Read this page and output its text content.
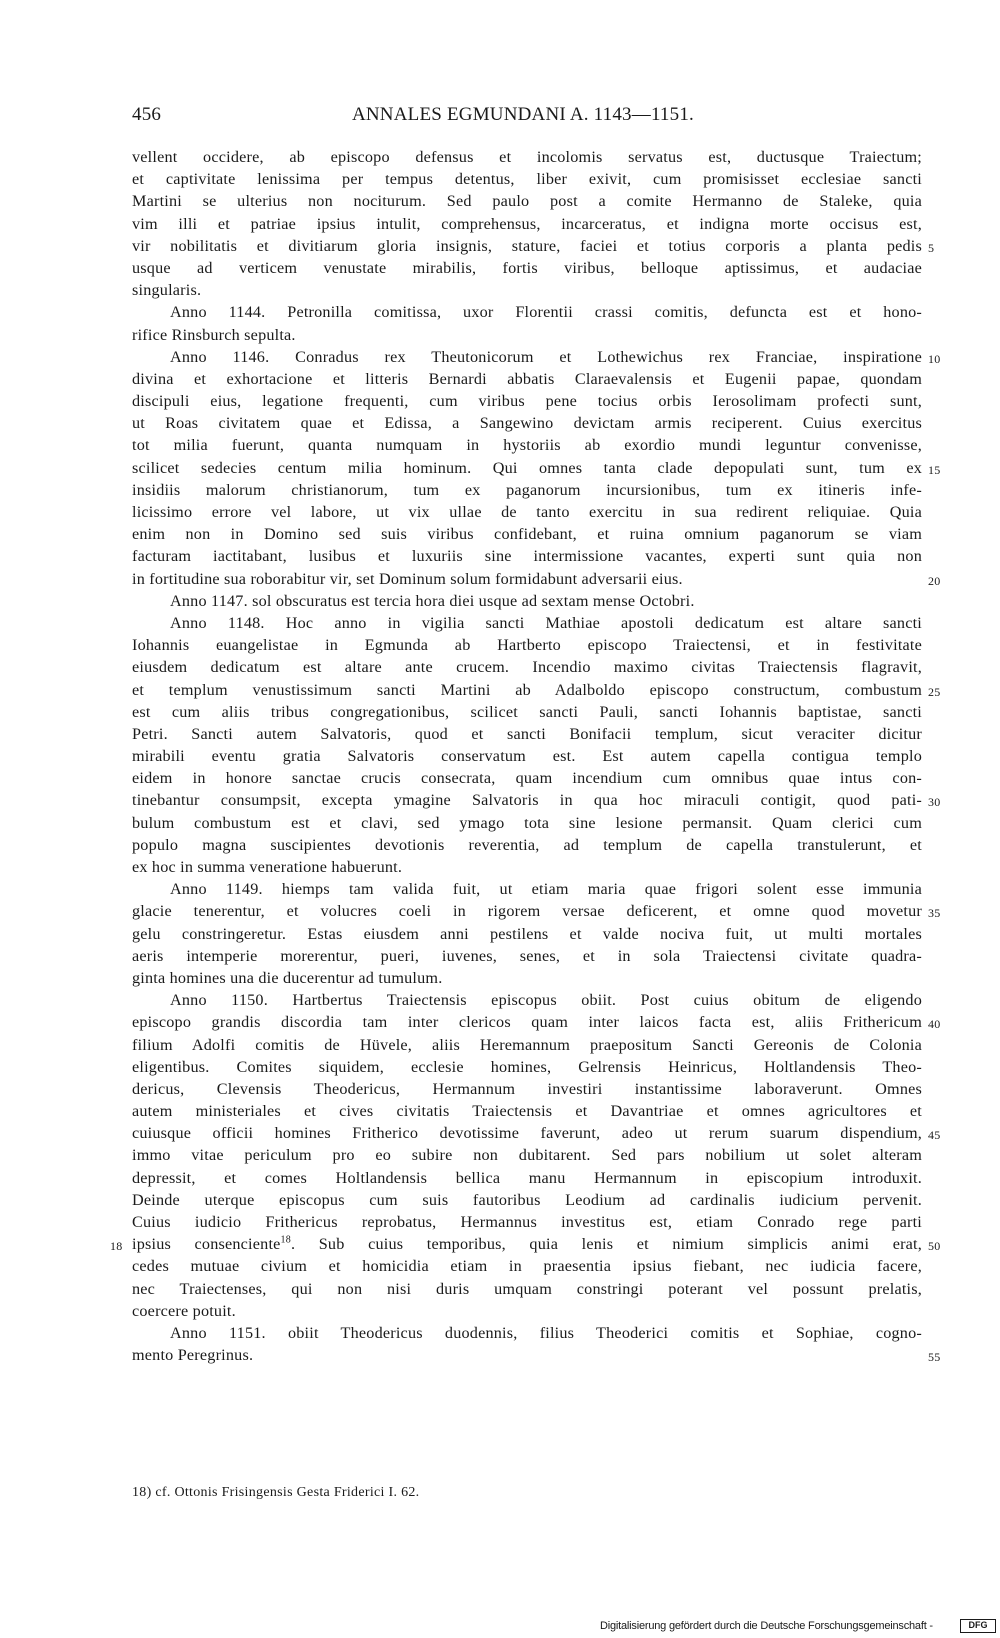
456	ANNALES EGMUNDANI A. 1143—1151.
vellent occidere, ab episcopo defensus et incolomis servatus est, ductusque Traiectum;
et captivitate lenissima per tempus detentus, liber exivit, cum promisisset ecclesiae sancti
Martini se ulterius non nociturum. Sed paulo post a comite Hermanno de Staleke, quia
vim illi et patriae ipsius intulit, comprehensus, incarceratus, et indigna morte occisus est,
vir nobilitatis et divitiarum gloria insignis, stature, faciei et totius corporis a planta pedis 5
usque ad verticem venustate mirabilis, fortis viribus, belloque aptissimus, et audaciae
singularis.
Anno 1144. Petronilla comitissa, uxor Florentii crassi comitis, defuncta est et hono-
rifice Rinsburch sepulta.
Anno 1146. Conradus rex Theutonicorum et Lothewichus rex Franciae, inspiratione 10
divina et exhortacione et litteris Bernardi abbatis Claraevalensis et Eugenii papae, quondam
discipuli eius, legatione frequenti, cum viribus pene tocius orbis Ierosolimam profecti sunt,
ut Roas civitatem quae et Edissa, a Sangewino devictam armis reciperent. Cuius exercitus
tot milia fuerunt, quanta numquam in hystoriis ab exordio mundi leguntur convenisse,
scilicet sedecies centum milia hominum. Qui omnes tanta clade depopulati sunt, tum ex 15
insidiis malorum christianorum, tum ex paganorum incursionibus, tum ex itineris infe-
licissimo errore vel labore, ut vix ullae de tanto exercitu in sua redirent reliquiae. Quia
enim non in Domino sed suis viribus confidebant, et ruina omnium paganorum se viam
facturam iactitabant, lusibus et luxuriis sine intermissione vacantes, experti sunt quia non
in fortitudine sua roborabitur vir, set Dominum solum formidabunt adversarii eius.	20
Anno 1147. sol obscuratus est tercia hora diei usque ad sextam mense Octobri.
Anno 1148. Hoc anno in vigilia sancti Mathiae apostoli dedicatum est altare sancti
Iohannis euangelistae in Egmunda ab Hartberto episcopo Traiectensi, et in festivitate
eiusdem dedicatum est altare ante crucem. Incendio maximo civitas Traiectensis flagravit,
et templum venustissimum sancti Martini ab Adalboldo episcopo constructum, combustum 25
est cum aliis tribus congregationibus, scilicet sancti Pauli, sancti Iohannis baptistae, sancti
Petri. Sancti autem Salvatoris, quod et sancti Bonifacii templum, sicut veraciter dicitur
mirabili eventu gratia Salvatoris conservatum est. Est autem capella contigua templo
eidem in honore sanctae crucis consecrata, quam incendium cum omnibus quae intus con-
tinebantur consumpsit, excepta ymagine Salvatoris in qua hoc miraculi contigit, quod pati- 30
bulum combustum est et clavi, sed ymago tota sine lesione permansit. Quam clerici cum
populo magna suscipientes devotionis reverentia, ad templum de capella transtulerunt, et
ex hoc in summa veneratione habuerunt.
Anno 1149. hiemps tam valida fuit, ut etiam maria quae frigori solent esse immunia
glacie tenerentur, et volucres coeli in rigorem versae deficerent, et omne quod movetur 35
gelu constringeretur. Estas eiusdem anni pestilens et valde nociva fuit, ut multi mortales
aeris intemperie morerentur, pueri, iuvenes, senes, et in sola Traiectensi civitate quadra-
ginta homines una die ducerentur ad tumulum.
Anno 1150. Hartbertus Traiectensis episcopus obiit. Post cuius obitum de eligendo
episcopo grandis discordia tam inter clericos quam inter laicos facta est, aliis Frithericum 40
filium Adolfi comitis de Hüvele, aliis Heremannum praepositum Sancti Gereonis de Colonia
eligentibus. Comites siquidem, ecclesie homines, Gelrensis Heinricus, Holtlandensis Theo-
dericus, Clevensis Theodericus, Hermannum investiri instantissime laboraverunt. Omnes
autem ministeriales et cives civitatis Traiectensis et Davantriae et omnes agricultores et
cuiusque officii homines Fritherico devotissime faverunt, adeo ut rerum suarum dispendium, 45
immo vitae periculum pro eo subire non dubitarent. Sed pars nobilium ut solet alteram
depressit, et comes Holtlandensis bellica manu Hermannum in episcopium introduxit.
Deinde uterque episcopus cum suis fautoribus Leodium ad cardinalis iudicium pervenit.
Cuius iudicio Frithericus reprobatus, Hermannus investitus est, etiam Conrado rege parti
ipsius consenciente$^{18}$. Sub cuius temporibus, quia lenis et nimium simplicis animi erat, 50
18
cedes mutuae civium et homicidia etiam in praesentia ipsius fiebant, nec iudicia facere,
nec Traiectenses, qui non nisi duris umquam constringi poterant vel possunt prelatis,
coercere potuit.
Anno 1151. obiit Theodericus duodennis, filius Theoderici comitis et Sophiae, cogno-
mento Peregrinus.	55
18) cf. Ottonis Frisingensis Gesta Friderici I. 62.
Digitalisierung gefördert durch die Deutsche Forschungsgemeinschaft -	DFG
